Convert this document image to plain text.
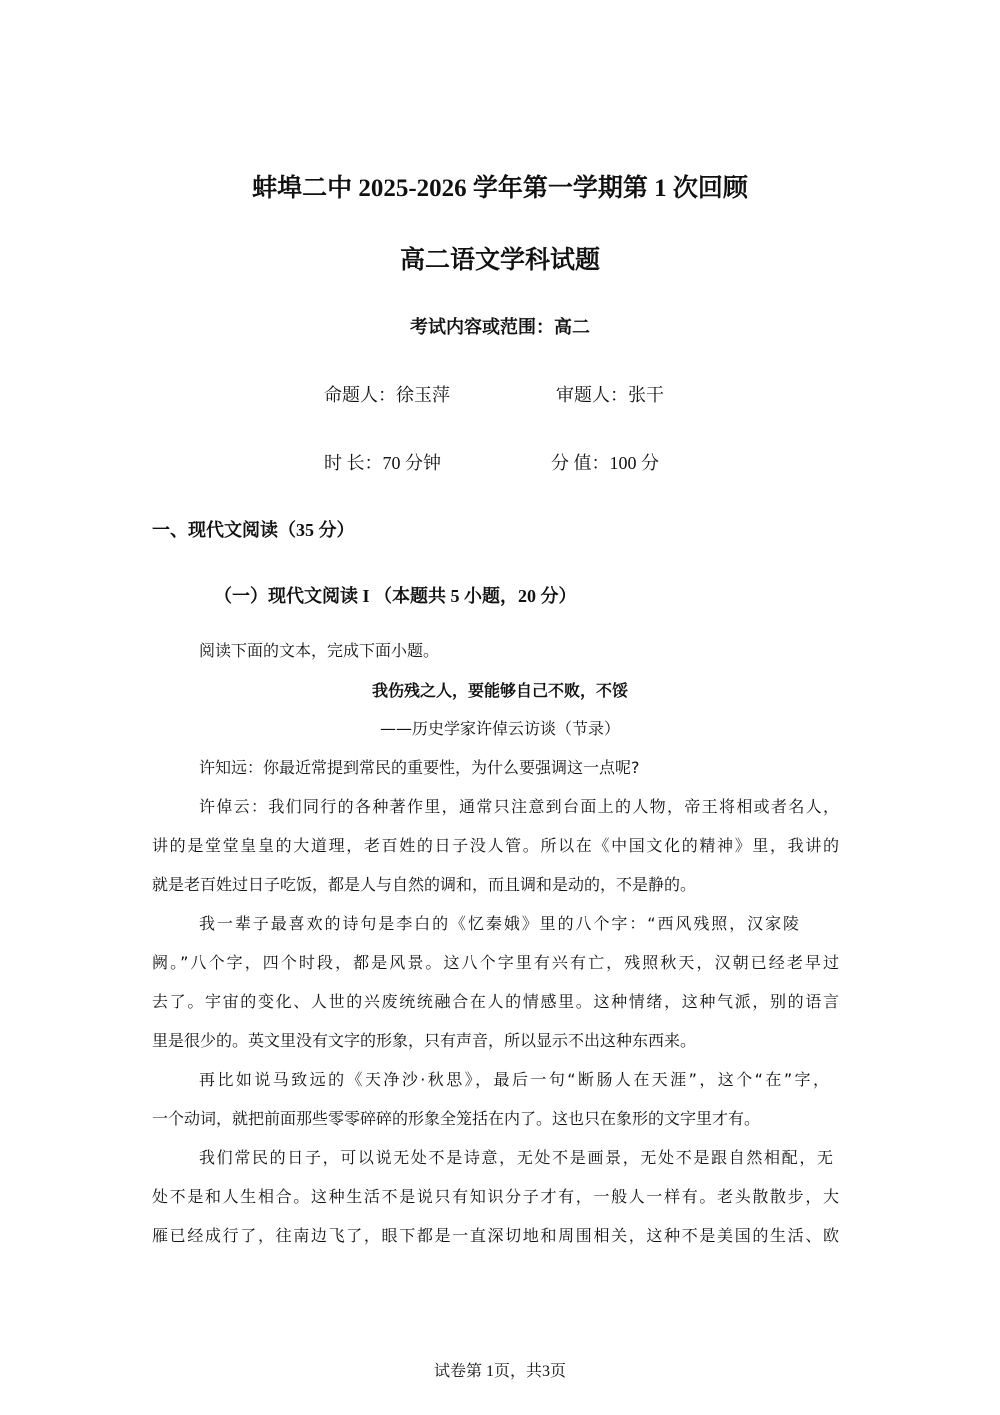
蚌埠二中 2025-2026 学年第一学期第 1 次回顾
高二语文学科试题
考试内容或范围：高二
命题人：徐玉萍	审题人：张干
时 长：70 分钟	分 值：100 分
一、现代文阅读（35 分）
（一）现代文阅读 I （本题共 5 小题，20 分）
阅读下面的文本，完成下面小题。
我伤残之人，要能够自己不败，不馁
——历史学家许倬云访谈（节录）
许知远：你最近常提到常民的重要性，为什么要强调这一点呢?
许倬云：我们同行的各种著作里，通常只注意到台面上的人物，帝王将相或者名人，
讲的是堂堂皇皇的大道理，老百姓的日子没人管。所以在《中国文化的精神》里，我讲的
就是老百姓过日子吃饭，都是人与自然的调和，而且调和是动的，不是静的。
我一辈子最喜欢的诗句是李白的《忆秦娥》里的八个字：“西风残照，汉家陵
阙。”八个字，四个时段，都是风景。这八个字里有兴有亡，残照秋天，汉朝已经老早过
去了。宇宙的变化、人世的兴废统统融合在人的情感里。这种情绪，这种气派，别的语言
里是很少的。英文里没有文字的形象，只有声音，所以显示不出这种东西来。
再比如说马致远的《天净沙·秋思》，最后一句“断肠人在天涯”，这个“在”字，
一个动词，就把前面那些零零碎碎的形象全笼括在内了。这也只在象形的文字里才有。
我们常民的日子，可以说无处不是诗意，无处不是画景，无处不是跟自然相配，无
处不是和人生相合。这种生活不是说只有知识分子才有，一般人一样有。老头散散步，大
雁已经成行了，往南边飞了，眼下都是一直深切地和周围相关，这种不是美国的生活、欧
试卷第 1页，共3页
